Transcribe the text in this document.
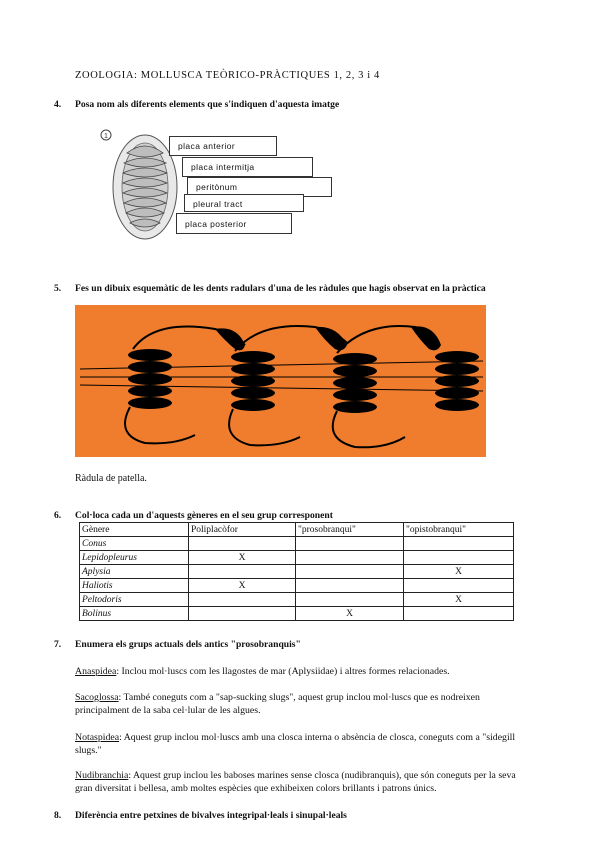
ZOOLOGIA: MOLLUSCA TEÒRICO-PRÀCTIQUES 1, 2, 3 i 4
4. Posa nom als diferents elements que s'indiquen d'aquesta imatge
1
placa anterior
placa intermitja
peritònum
pleural tract
placa posterior
5. Fes un dibuix esquemàtic de les dents radulars d'una de les ràdules que hagis observat en la pràctica
Ràdula de patella.
6. Col·loca cada un d'aquests gèneres en el seu grup corresponent
Gènere	Poliplacòfor	"prosobranqui"	"opistobranqui"
Conus			
Lepidopleurus	X		
Aplysia			X
Haliotis	X		
Peltodoris			X
Bolinus		X	
7. Enumera els grups actuals dels antics "prosobranquis"
Anaspidea: Inclou mol·luscs com les llagostes de mar (Aplysiidae) i altres formes relacionades.
Sacoglossa: També coneguts com a "sap-sucking slugs", aquest grup inclou mol·luscs que es nodreixen principalment de la saba cel·lular de les algues.
Notaspidea: Aquest grup inclou mol·luscs amb una closca interna o absència de closca, coneguts com a "sidegill slugs."
Nudibranchia: Aquest grup inclou les baboses marines sense closca (nudibranquis), que són coneguts per la seva gran diversitat i bellesa, amb moltes espècies que exhibeixen colors brillants i patrons únics.
8. Diferència entre petxines de bivalves integripal·leals i sinupal·leals
